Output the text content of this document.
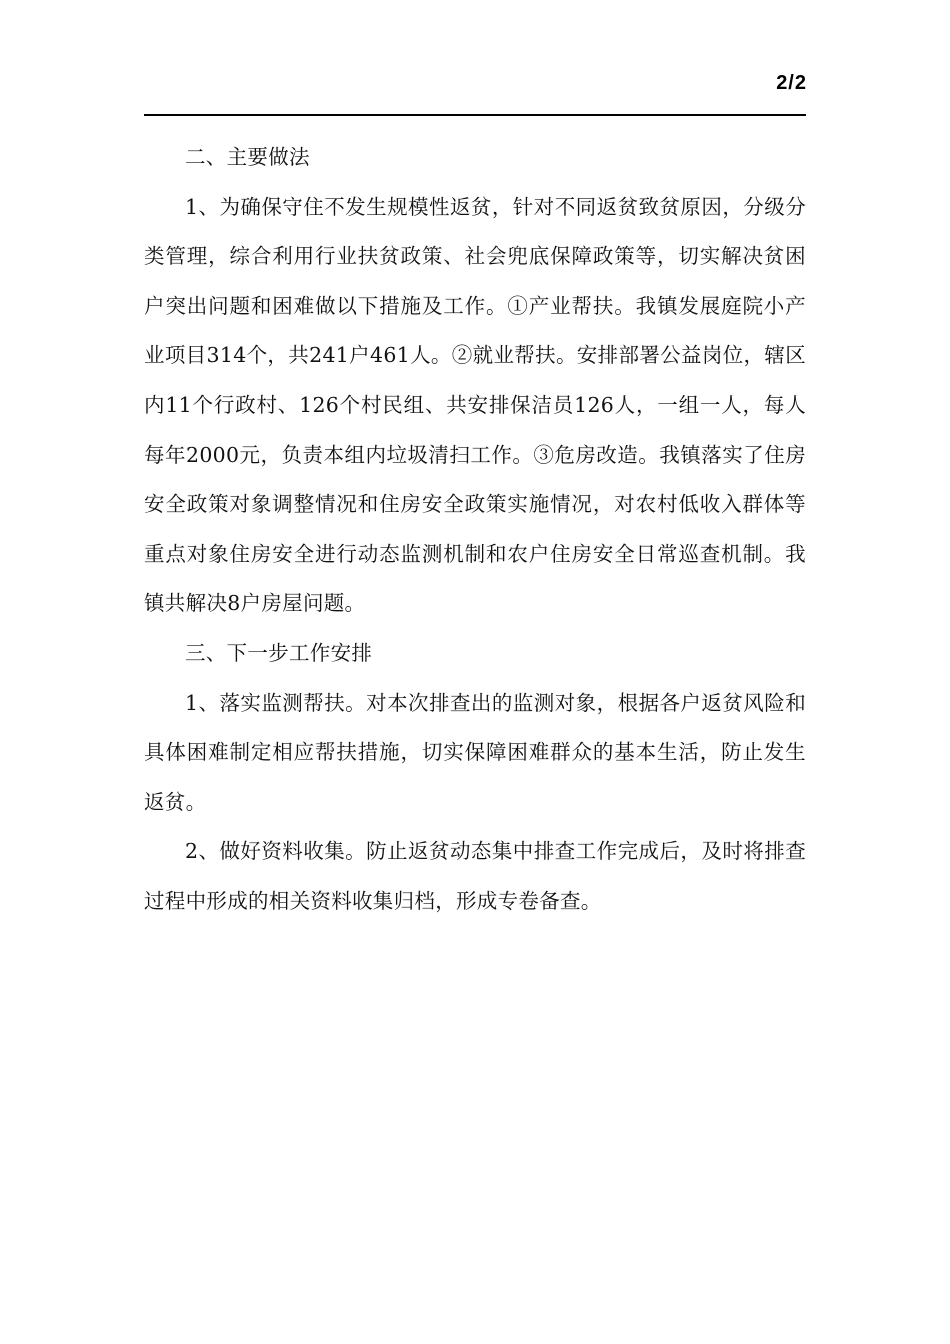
2/2

二、主要做法

1、为确保守住不发生规模性返贫，针对不同返贫致贫原因，分级分类管理，综合利用行业扶贫政策、社会兜底保障政策等，切实解决贫困户突出问题和困难做以下措施及工作。①产业帮扶。我镇发展庭院小产业项目314个，共241户461人。②就业帮扶。安排部署公益岗位，辖区内11个行政村、126个村民组、共安排保洁员126人，一组一人，每人每年2000元，负责本组内垃圾清扫工作。③危房改造。我镇落实了住房安全政策对象调整情况和住房安全政策实施情况，对农村低收入群体等重点对象住房安全进行动态监测机制和农户住房安全日常巡查机制。我镇共解决8户房屋问题。

三、下一步工作安排

1、落实监测帮扶。对本次排查出的监测对象，根据各户返贫风险和具体困难制定相应帮扶措施，切实保障困难群众的基本生活，防止发生返贫。

2、做好资料收集。防止返贫动态集中排查工作完成后，及时将排查过程中形成的相关资料收集归档，形成专卷备查。
